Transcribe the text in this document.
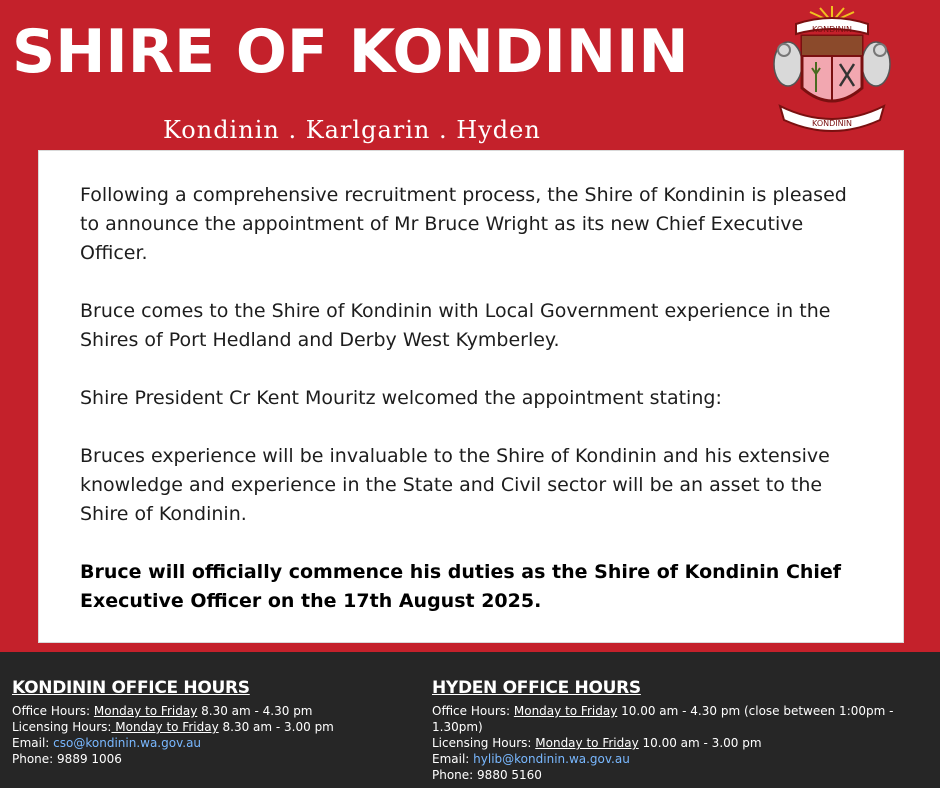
SHIRE OF KONDININ
Kondinin . Karlgarin . Hyden
KONDININ
KONDININ

Following a comprehensive recruitment process, the Shire of Kondinin is pleased to announce the appointment of Mr Bruce Wright as its new Chief Executive Officer.

Bruce comes to the Shire of Kondinin with Local Government experience in the Shires of Port Hedland and Derby West Kymberley.

Shire President Cr Kent Mouritz welcomed the appointment stating:

Bruces experience will be invaluable to the Shire of Kondinin and his extensive knowledge and experience in the State and Civil sector will be an asset to the Shire of Kondinin.

Bruce will officially commence his duties as the Shire of Kondinin Chief Executive Officer on the 17th August 2025.

KONDININ OFFICE HOURS
Office Hours: Monday to Friday 8.30 am - 4.30 pm
Licensing Hours: Monday to Friday 8.30 am - 3.00 pm
Email: cso@kondinin.wa.gov.au
Phone: 9889 1006
HYDEN OFFICE HOURS
Office Hours: Monday to Friday 10.00 am - 4.30 pm (close between 1:00pm - 1.30pm)
Licensing Hours: Monday to Friday 10.00 am - 3.00 pm
Email: hylib@kondinin.wa.gov.au
Phone: 9880 5160
